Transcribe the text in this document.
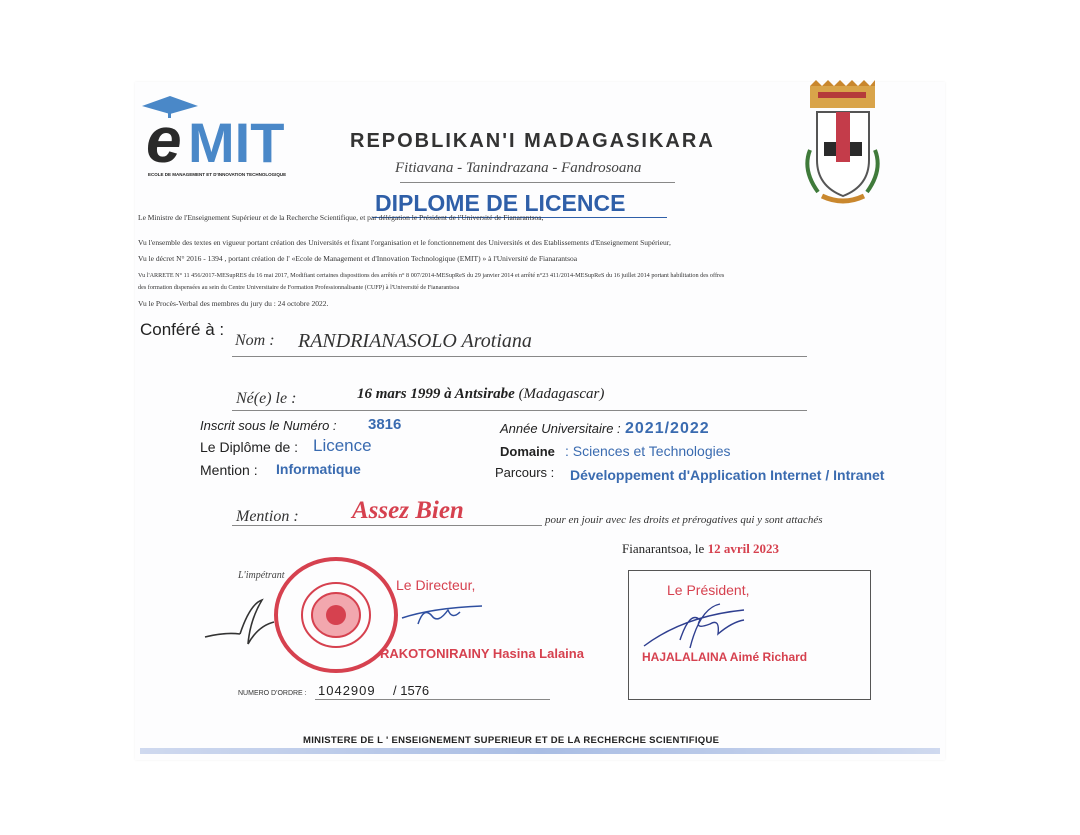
e MIT
ECOLE DE MANAGEMENT ET D'INNOVATION TECHNOLOGIQUE
REPOBLIKAN'I MADAGASIKARA
Fitiavana - Tanindrazana - Fandrosoana
DIPLOME DE LICENCE
Le Ministre de l'Enseignement Supérieur et de la Recherche Scientifique, et par délégation le Président de l'Université de Fianarantsoa,
Vu l'ensemble des textes en vigueur portant création des Universités et fixant l'organisation et le fonctionnement des Universités et des Etablissements d'Enseignement Supérieur,
Vu le décret N° 2016 - 1394 , portant création de l' «Ecole de Management et d'Innovation Technologique (EMIT) » à l'Université de Fianarantsoa
Vu l'ARRETE N° 11 456/2017-MESupRES du 16 mai 2017, Modifiant certaines dispositions des arrêtés n° 8 007/2014-MESupReS du 29 janvier 2014 et arrêté n°23 411/2014-MESupReS du 16 juillet 2014 portant habilitation des offres
des formation dispensées au sein du Centre Universitaire de Formation Professionnalisante (CUFP) à l'Université de Fianarantsoa
Vu le Procès-Verbal des membres du jury du : 24 octobre 2022.
Conféré à :
Nom : RANDRIANASOLO Arotiana
Né(e) le :	16 mars 1999 à Antsirabe (Madagascar)
Inscrit sous le Numéro : 3816
Le Diplôme de : Licence
Mention : Informatique
Année Universitaire : 2021/2022
Domaine : Sciences et Technologies
Parcours : Développement d'Application Internet / Intranet
Mention : Assez Bien	pour en jouir avec les droits et prérogatives qui y sont attachés
Fianarantsoa, le 12 avril 2023
L'impétrant
Le Directeur,
RAKOTONIRAINY Hasina Lalaina
Le Président,
HAJALALAINA Aimé Richard
NUMERO D'ORDRE : 1042909 / 1576
MINISTERE DE L ' ENSEIGNEMENT SUPERIEUR ET DE LA RECHERCHE SCIENTIFIQUE
